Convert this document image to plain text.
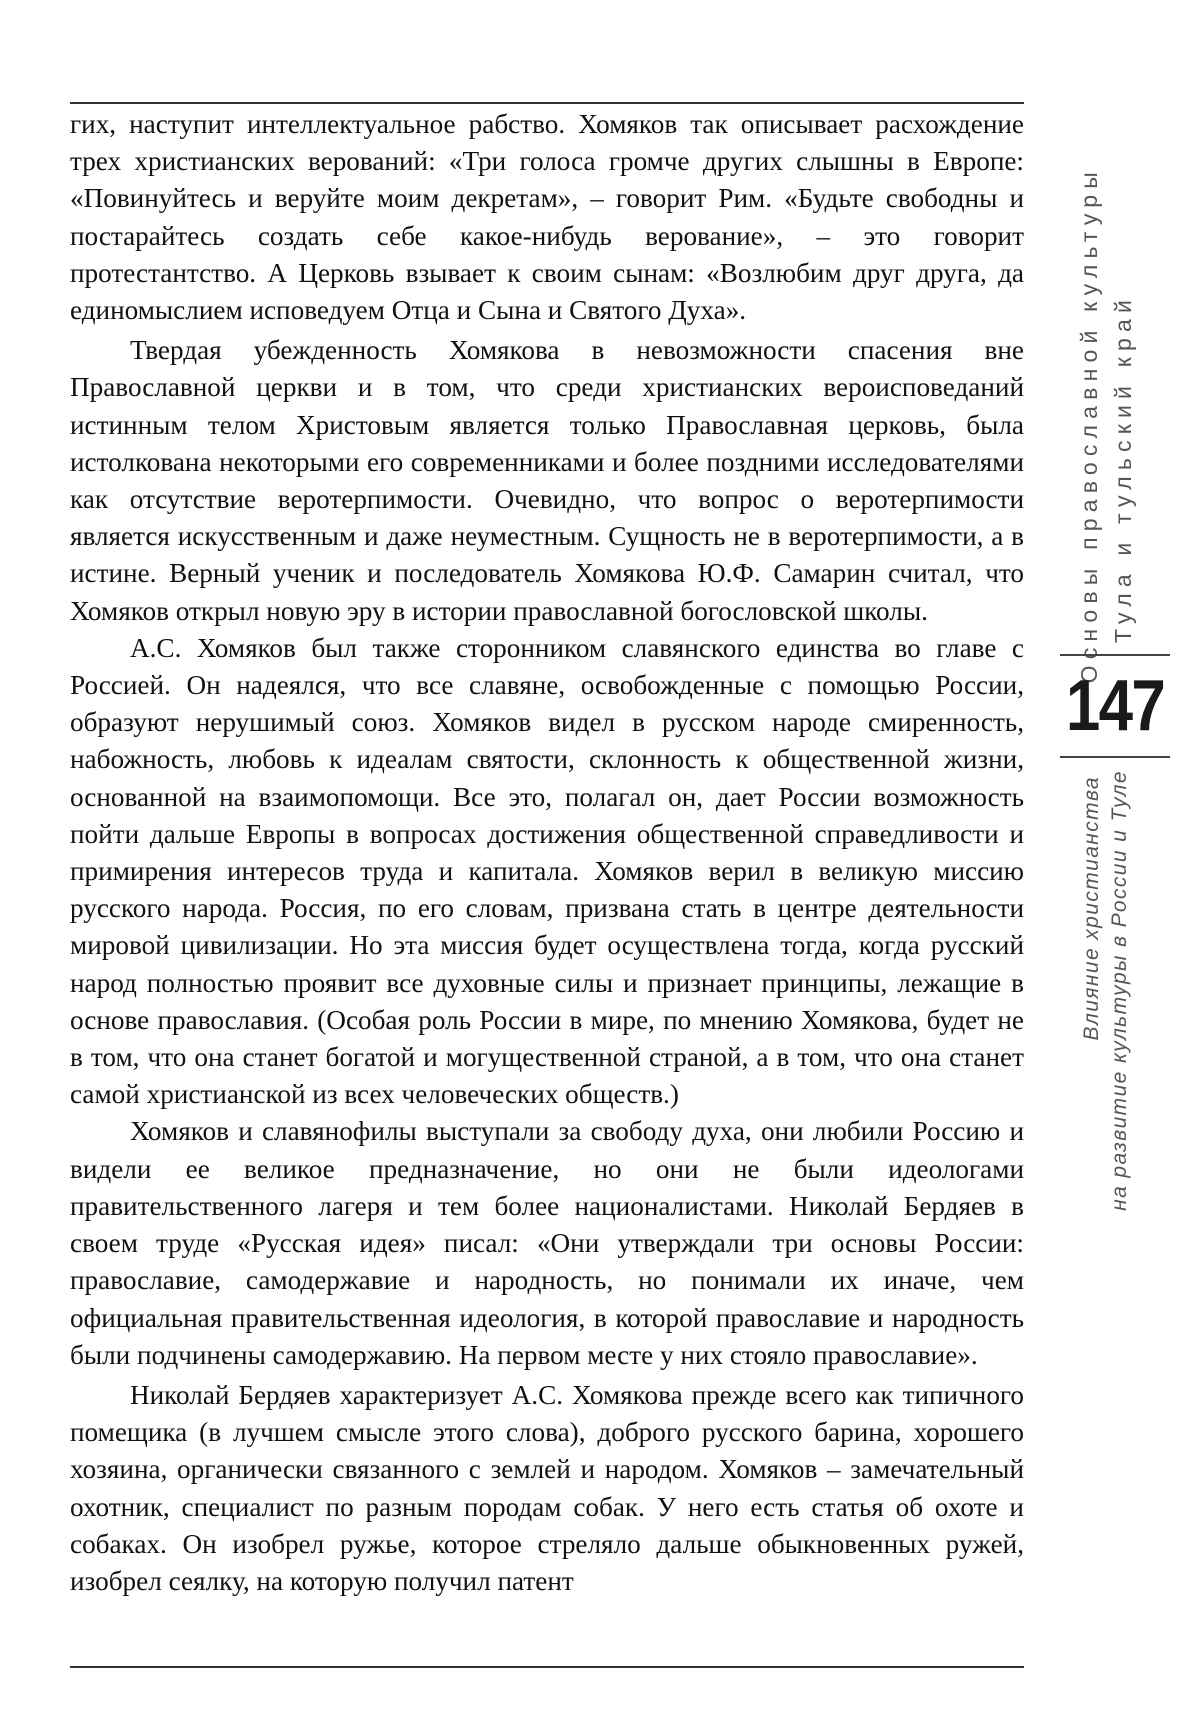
гих, наступит интеллектуальное рабство. Хомяков так описывает расхождение трех христианских верований: «Три голоса громче других слышны в Европе: «Повинуйтесь и веруйте моим декретам», – говорит Рим. «Будьте свободны и постарайтесь создать себе какое-нибудь верование», – это говорит протестантство. А Церковь взывает к своим сынам: «Возлюбим друг друга, да единомыслием исповедуем Отца и Сына и Святого Духа».

Твердая убежденность Хомякова в невозможности спасения вне Православной церкви и в том, что среди христианских вероисповеданий истинным телом Христовым является только Православная церковь, была истолкована некоторыми его современниками и более поздними исследователями как отсутствие веротерпимости. Очевидно, что вопрос о веротерпимости является искусственным и даже неуместным. Сущность не в веротерпимости, а в истине. Верный ученик и последователь Хомякова Ю.Ф. Самарин считал, что Хомяков открыл новую эру в истории православной богословской школы.

А.С. Хомяков был также сторонником славянского единства во главе с Россией. Он надеялся, что все славяне, освобожденные с помощью России, образуют нерушимый союз. Хомяков видел в русском народе смиренность, набожность, любовь к идеалам святости, склонность к общественной жизни, основанной на взаимопомощи. Все это, полагал он, дает России возможность пойти дальше Европы в вопросах достижения общественной справедливости и примирения интересов труда и капитала. Хомяков верил в великую миссию русского народа. Россия, по его словам, призвана стать в центре деятельности мировой цивилизации. Но эта миссия будет осуществлена тогда, когда русский народ полностью проявит все духовные силы и признает принципы, лежащие в основе православия. (Особая роль России в мире, по мнению Хомякова, будет не в том, что она станет богатой и могущественной страной, а в том, что она станет самой христианской из всех человеческих обществ.)

Хомяков и славянофилы выступали за свободу духа, они любили Россию и видели ее великое предназначение, но они не были идеологами правительственного лагеря и тем более националистами. Николай Бердяев в своем труде «Русская идея» писал: «Они утверждали три основы России: православие, самодержавие и народность, но понимали их иначе, чем официальная правительственная идеология, в которой православие и народность были подчинены самодержавию. На первом месте у них стояло православие».

Николай Бердяев характеризует А.С. Хомякова прежде всего как типичного помещика (в лучшем смысле этого слова), доброго русского барина, хорошего хозяина, органически связанного с землей и народом. Хомяков – замечательный охотник, специалист по разным породам собак. У него есть статья об охоте и собаках. Он изобрел ружье, которое стреляло дальше обыкновенных ружей, изобрел сеялку, на которую получил патент

Основы православной культуры Тула и тульский край
147
Влияние христианства на развитие культуры в России и Туле
